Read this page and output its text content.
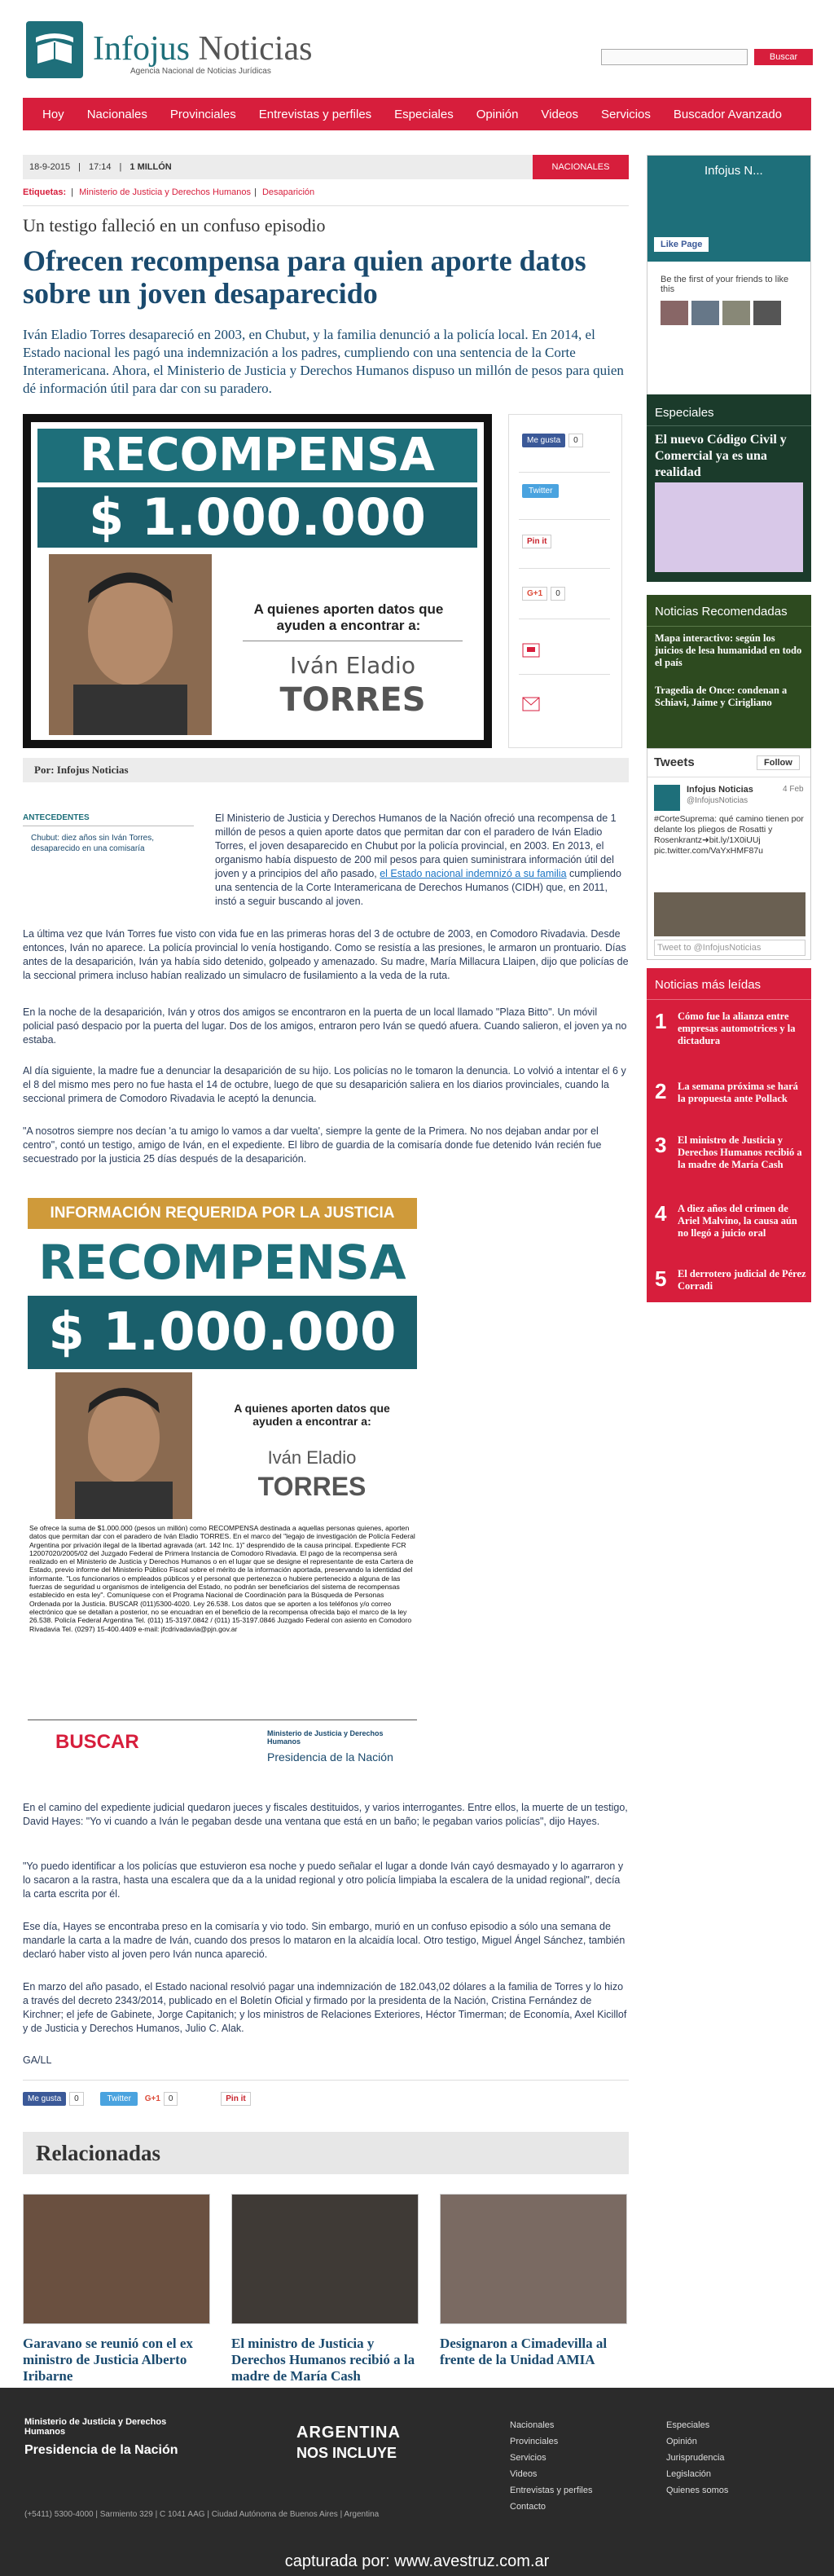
Infojus Noticias
Agencia Nacional de Noticias Jurídicas
Buscar
Hoy Nacionales Provinciales Entrevistas y perfiles Especiales Opinión Videos Servicios Buscador Avanzado
18-9-2015 | 17:14 | 1 MILLÓN	NACIONALES
Etiquetas: | Ministerio de Justicia y Derechos Humanos | Desaparición
Un testigo falleció en un confuso episodio
Ofrecen recompensa para quien aporte datos sobre un joven desaparecido
Iván Eladio Torres desapareció en 2003, en Chubut, y la familia denunció a la policía local. En 2014, el Estado nacional les pagó una indemnización a los padres, cumpliendo con una sentencia de la Corte Interamericana. Ahora, el Ministerio de Justicia y Derechos Humanos dispuso un millón de pesos para quien dé información útil para dar con su paradero.
RECOMPENSA
$ 1.000.000
A quienes aporten datos que ayuden a encontrar a:
Iván Eladio
TORRES
Me gusta 0
Twitter
Pin it
G+1 0
Por: Infojus Noticias
ANTECEDENTES
Chubut: diez años sin Iván Torres, desaparecido en una comisaría

El Ministerio de Justicia y Derechos Humanos de la Nación ofreció una recompensa de 1 millón de pesos a quien aporte datos que permitan dar con el paradero de Iván Eladio Torres, el joven desaparecido en Chubut por la policía provincial, en 2003. En 2013, el organismo había dispuesto de 200 mil pesos para quien suministrara información útil del joven y a principios del año pasado, el Estado nacional indemnizó a su familia cumpliendo una sentencia de la Corte Interamericana de Derechos Humanos (CIDH) que, en 2011, instó a seguir buscando al joven.

La última vez que Iván Torres fue visto con vida fue en las primeras horas del 3 de octubre de 2003, en Comodoro Rivadavia. Desde entonces, Iván no aparece. La policía provincial lo venía hostigando. Como se resistía a las presiones, le armaron un prontuario. Días antes de la desaparición, Iván ya había sido detenido, golpeado y amenazado. Su madre, María Millacura Llaipen, dijo que policías de la seccional primera incluso habían realizado un simulacro de fusilamiento a la veda de la ruta.

En la noche de la desaparición, Iván y otros dos amigos se encontraron en la puerta de un local llamado "Plaza Bitto". Un móvil policial pasó despacio por la puerta del lugar. Dos de los amigos, entraron pero Iván se quedó afuera. Cuando salieron, el joven ya no estaba.

Al día siguiente, la madre fue a denunciar la desaparición de su hijo. Los policías no le tomaron la denuncia. Lo volvió a intentar el 6 y el 8 del mismo mes pero no fue hasta el 14 de octubre, luego de que su desaparición saliera en los diarios provinciales, cuando la seccional primera de Comodoro Rivadavia le aceptó la denuncia.

"A nosotros siempre nos decían 'a tu amigo lo vamos a dar vuelta', siempre la gente de la Primera. No nos dejaban andar por el centro", contó un testigo, amigo de Iván, en el expediente. El libro de guardia de la comisaría donde fue detenido Iván recién fue secuestrado por la justicia 25 días después de la desaparición.

INFORMACIÓN REQUERIDA POR LA JUSTICIA
RECOMPENSA
$ 1.000.000
A quienes aporten datos que ayuden a encontrar a:
Iván Eladio
TORRES
Se ofrece la suma de $1.000.000 (pesos un millón) como RECOMPENSA destinada a aquellas personas quienes, aporten datos que permitan dar con el paradero de Iván Eladio TORRES. En el marco del "legajo de investigación de Policía Federal Argentina por privación ilegal de la libertad agravada (art. 142 Inc. 1)" desprendido de la causa principal. Expediente FCR 12007020/2005/02 del Juzgado Federal de Primera Instancia de Comodoro Rivadavia. El pago de la recompensa será realizado en el Ministerio de Justicia y Derechos Humanos o en el lugar que se designe el representante de esta Cartera de Estado, previo informe del Ministerio Público Fiscal sobre el mérito de la información aportada, preservando la identidad del informante. "Los funcionarios o empleados públicos y el personal que pertenezca o hubiere pertenecido a alguna de las fuerzas de seguridad u organismos de inteligencia del Estado, no podrán ser beneficiarios del sistema de recompensas establecido en esta ley". Comuníquese con el Programa Nacional de Coordinación para la Búsqueda de Personas Ordenada por la Justicia. BUSCAR (011)5300-4020. Ley 26.538. Los datos que se aporten a los teléfonos y/o correo electrónico que se detallan a posterior, no se encuadran en el beneficio de la recompensa ofrecida bajo el marco de la ley 26.538. Policía Federal Argentina Tel. (011) 15-3197.0842 / (011) 15-3197.0846 Juzgado Federal con asiento en Comodoro Rivadavia Tel. (0297) 15-400.4409 e-mail: jfcdrivadavia@pjn.gov.ar
BUSCAR	Ministerio de Justicia y Derechos Humanos
Presidencia de la Nación

En el camino del expediente judicial quedaron jueces y fiscales destituidos, y varios interrogantes. Entre ellos, la muerte de un testigo, David Hayes: "Yo vi cuando a Iván le pegaban desde una ventana que está en un baño; le pegaban varios policías", dijo Hayes.

"Yo puedo identificar a los policías que estuvieron esa noche y puedo señalar el lugar a donde Iván cayó desmayado y lo agarraron y lo sacaron a la rastra, hasta una escalera que da a la unidad regional y otro policía limpiaba la escalera de la unidad regional", decía la carta escrita por él.

Ese día, Hayes se encontraba preso en la comisaría y vio todo. Sin embargo, murió en un confuso episodio a sólo una semana de mandarle la carta a la madre de Iván, cuando dos presos lo mataron en la alcaidía local. Otro testigo, Miguel Ángel Sánchez, también declaró haber visto al joven pero Iván nunca apareció.

En marzo del año pasado, el Estado nacional resolvió pagar una indemnización de 182.043,02 dólares a la familia de Torres y lo hizo a través del decreto 2343/2014, publicado en el Boletín Oficial y firmado por la presidenta de la Nación, Cristina Fernández de Kirchner; el jefe de Gabinete, Jorge Capitanich; y los ministros de Relaciones Exteriores, Héctor Timerman; de Economía, Axel Kicillof y de Justicia y Derechos Humanos, Julio C. Alak.

GA/LL

Me gusta 0	Twitter G+1 0	Pin it
Relacionadas
Garavano se reunió con el ex ministro de Justicia Alberto Iribarne
El ministro de Justicia y Derechos Humanos recibió a la madre de María Cash
Designaron a Cimadevilla al frente de la Unidad AMIA
Infojus N...
Like Page
Be the first of your friends to like this
Especiales
El nuevo Código Civil y Comercial ya es una realidad
Noticias Recomendadas
Mapa interactivo: según los juicios de lesa humanidad en todo el país
Tragedia de Once: condenan a Schiavi, Jaime y Cirigliano
Tweets	Follow
Infojus Noticias	4 Feb
@InfojusNoticias
#CorteSuprema: qué camino tienen por delante los pliegos de Rosatti y Rosenkrantz➜bit.ly/1X0iUUj pic.twitter.com/VaYxHMF87u
Tweet to @InfojusNoticias
Noticias más leídas
1 Cómo fue la alianza entre empresas automotrices y la dictadura
2 La semana próxima se hará la propuesta ante Pollack
3 El ministro de Justicia y Derechos Humanos recibió a la madre de María Cash
4 A diez años del crimen de Ariel Malvino, la causa aún no llegó a juicio oral
5 El derrotero judicial de Pérez Corradi
Ministerio de Justicia y Derechos Humanos
Presidencia de la Nación
ARGENTINA
NOS INCLUYE
(+5411) 5300-4000 | Sarmiento 329 | C 1041 AAG | Ciudad Autónoma de Buenos Aires | Argentina
Nacionales
Provinciales
Servicios
Videos
Entrevistas y perfiles
Contacto
Especiales
Opinión
Jurisprudencia
Legislación
Quienes somos
capturada por: www.avestruz.com.ar
